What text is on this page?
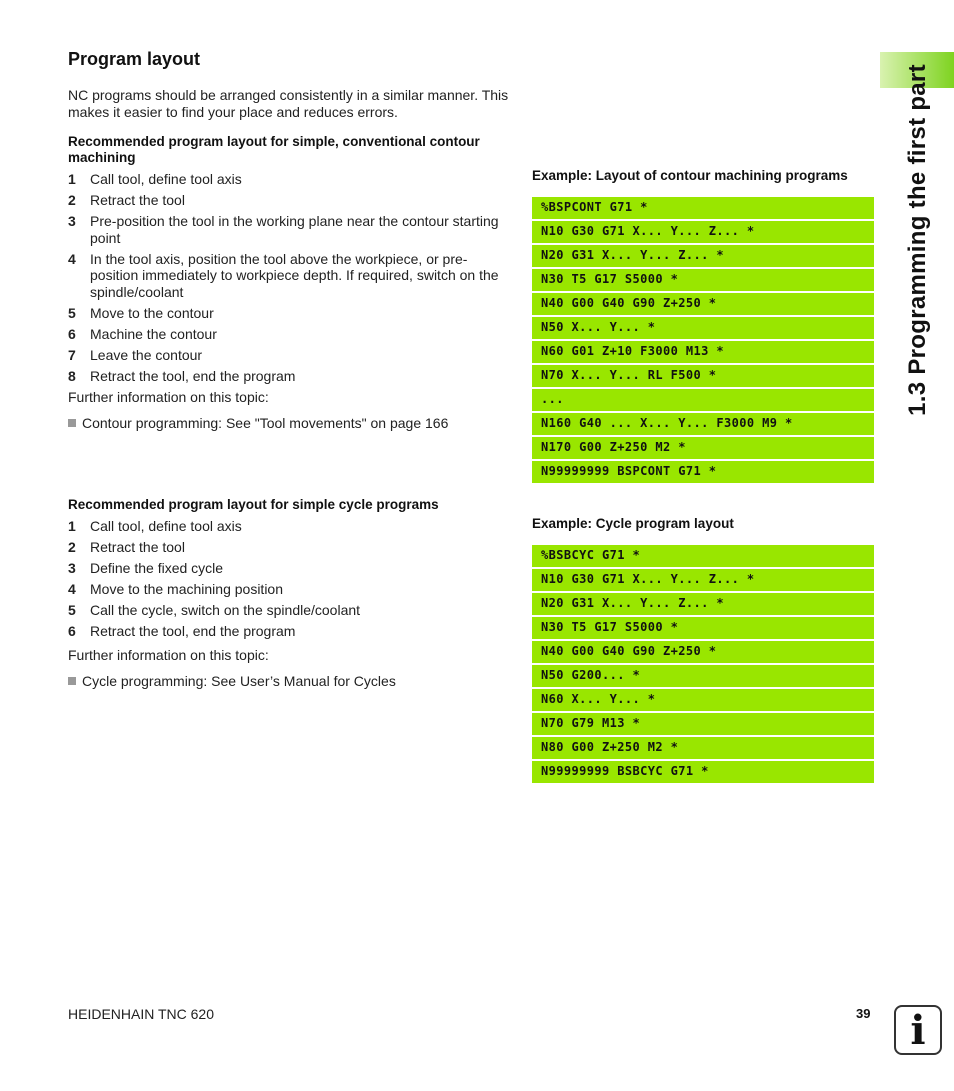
Program layout
NC programs should be arranged consistently in a similar manner. This makes it easier to find your place and reduces errors.
Recommended program layout for simple, conventional contour machining
1	Call tool, define tool axis
2	Retract the tool
3	Pre-position the tool in the working plane near the contour starting point
4	In the tool axis, position the tool above the workpiece, or pre-position immediately to workpiece depth. If required, switch on the spindle/coolant
5	Move to the contour
6	Machine the contour
7	Leave the contour
8	Retract the tool, end the program
Further information on this topic:
Contour programming: See "Tool movements" on page 166
Recommended program layout for simple cycle programs
1	Call tool, define tool axis
2	Retract the tool
3	Define the fixed cycle
4	Move to the machining position
5	Call the cycle, switch on the spindle/coolant
6	Retract the tool, end the program
Further information on this topic:
Cycle programming: See User’s Manual for Cycles
Example: Layout of contour machining programs
%BSPCONT G71 *
N10 G30 G71 X... Y... Z... *
N20 G31 X... Y... Z... *
N30 T5 G17 S5000 *
N40 G00 G40 G90 Z+250 *
N50 X... Y... *
N60 G01 Z+10 F3000 M13 *
N70 X... Y... RL F500 *
...
N160 G40 ... X... Y... F3000 M9 *
N170 G00 Z+250 M2 *
N99999999 BSPCONT G71 *
Example: Cycle program layout
%BSBCYC G71 *
N10 G30 G71 X... Y... Z... *
N20 G31 X... Y... Z... *
N30 T5 G17 S5000 *
N40 G00 G40 G90 Z+250 *
N50 G200... *
N60 X... Y... *
N70 G79 M13 *
N80 G00 Z+250 M2 *
N99999999 BSBCYC G71 *
1.3 Programming the first part
HEIDENHAIN TNC 620	39 i
